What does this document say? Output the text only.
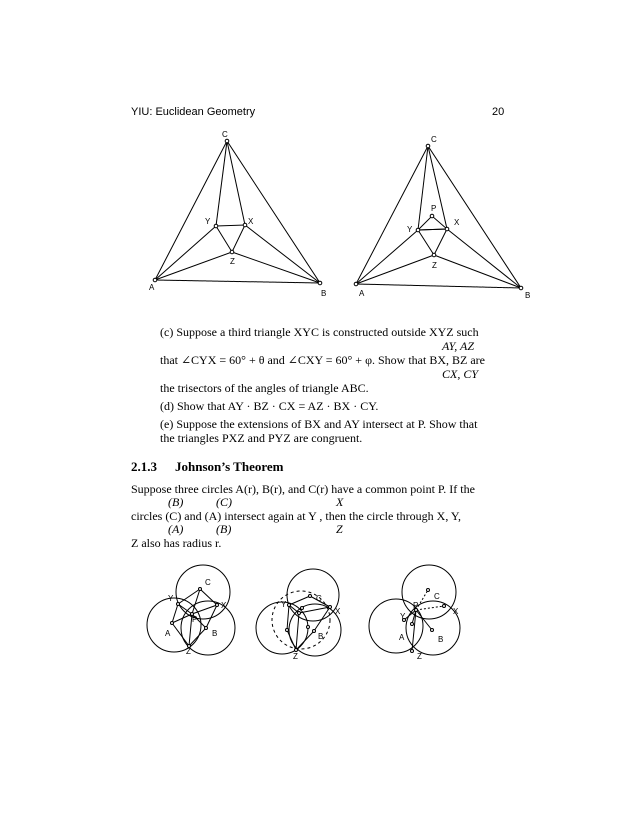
YIU: Euclidean Geometry	20
C
A
B
Y	X
Z
C
A	B
P
Y
X
Z
(c) Suppose a third triangle XYC is constructed outside XYZ such
AY, AZ
that ∠CYX = 60° + θ and ∠CXY = 60° + φ. Show that BX, BZ are
CX, CY
the trisectors of the angles of triangle ABC.
(d) Show that AY · BZ · CX = AZ · BX · CY.
(e) Suppose the extensions of BX and AY intersect at P. Show that
the triangles PXZ and PYZ are congruent.
2.1.3 Johnson’s Theorem
Suppose three circles A(r), B(r), and C(r) have a common point P. If the
(B)	(C)	X
circles (C) and (A) intersect again at Y , then the circle through X, Y,
(A)	(B)	Z
Z also has radius r.
C
Y
X
P
A	B
Z
C
Y
X
B
Z
C
P
Y
X
A	B
Z
